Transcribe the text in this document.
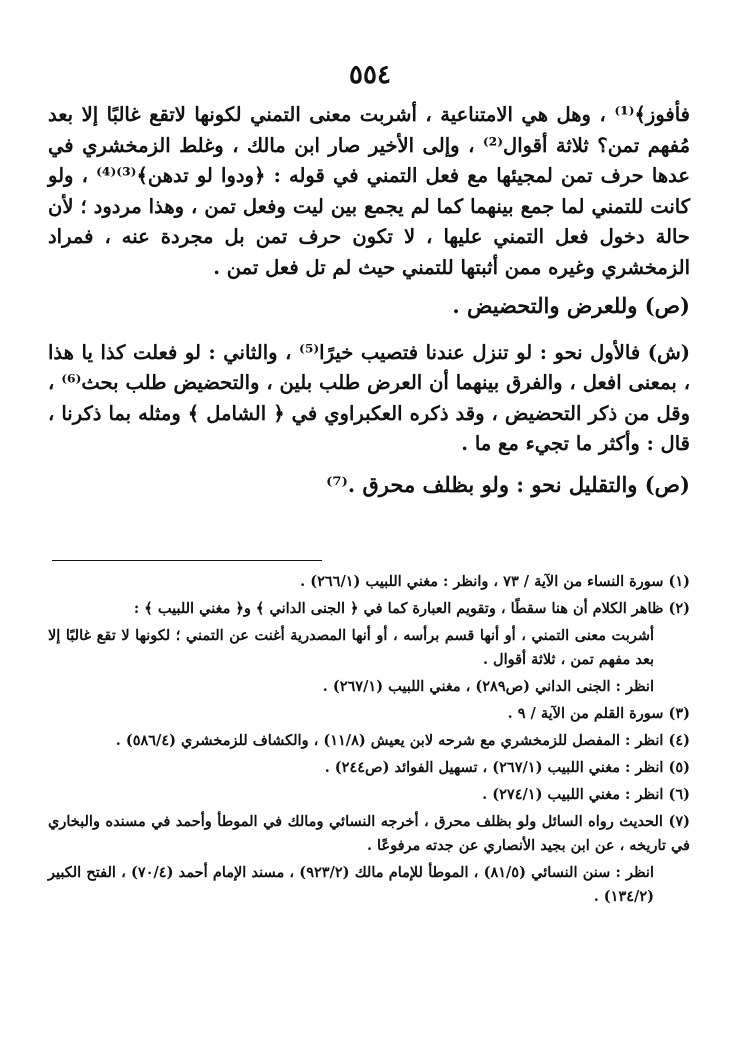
٥٥٤

فأفوز﴾⁽¹⁾ ، وهل هي الامتناعية ، أشربت معنى التمني لكونها لاتقع غالبًا إلا بعد مُفهم تمن؟ ثلاثة أقوال⁽²⁾ ، وإلى الأخير صار ابن مالك ، وغلط الزمخشري في عدها حرف تمن لمجيئها مع فعل التمني في قوله : ﴿ودوا لو تدهن﴾⁽³⁾⁽⁴⁾ ، ولو كانت للتمني لما جمع بينهما كما لم يجمع بين ليت وفعل تمن ، وهذا مردود ؛ لأن حالة دخول فعل التمني عليها ، لا تكون حرف تمن بل مجردة عنه ، فمراد الزمخشري وغيره ممن أثبتها للتمني حيث لم تل فعل تمن .

(ص) وللعرض والتحضيض .

(ش) فالأول نحو : لو تنزل عندنا فتصيب خيرًا⁽⁵⁾ ، والثاني : لو فعلت كذا يا هذا ، بمعنى افعل ، والفرق بينهما أن العرض طلب بلين ، والتحضيض طلب بحث⁽⁶⁾ ، وقل من ذكر التحضيض ، وقد ذكره العكبراوي في ﴿ الشامل ﴾ ومثله بما ذكرنا ، قال : وأكثر ما تجيء مع ما .

(ص) والتقليل نحو : ولو بظلف محرق .⁽⁷⁾

(١) سورة النساء من الآية / ٧٣ ، وانظر : مغني اللبيب (٢٦٦/١) .

(٢) ظاهر الكلام أن هنا سقطًا ، وتقويم العبارة كما في ﴿ الجنى الداني ﴾ و﴿ مغني اللبيب ﴾ :

أشربت معنى التمني ، أو أنها قسم برأسه ، أو أنها المصدرية أغنت عن التمني ؛ لكونها لا تقع غالبًا إلا بعد مفهم تمن ، ثلاثة أقوال .

انظر : الجنى الداني (ص٢٨٩) ، مغني اللبيب (٢٦٧/١) .

(٣) سورة القلم من الآية / ٩ .

(٤) انظر : المفصل للزمخشري مع شرحه لابن يعيش (١١/٨) ، والكشاف للزمخشري (٥٨٦/٤) .

(٥) انظر : مغني اللبيب (٢٦٧/١) ، تسهيل الفوائد (ص٢٤٤) .

(٦) انظر : مغني اللبيب (٢٧٤/١) .

(٧) الحديث رواه السائل ولو بظلف محرق ، أخرجه النسائي ومالك في الموطأ وأحمد في مسنده والبخاري في تاريخه ، عن ابن بجيد الأنصاري عن جدته مرفوعًا .

انظر : سنن النسائي (٨١/٥) ، الموطأ للإمام مالك (٩٢٣/٢) ، مسند الإمام أحمد (٧٠/٤) ، الفتح الكبير (١٣٤/٢) .
